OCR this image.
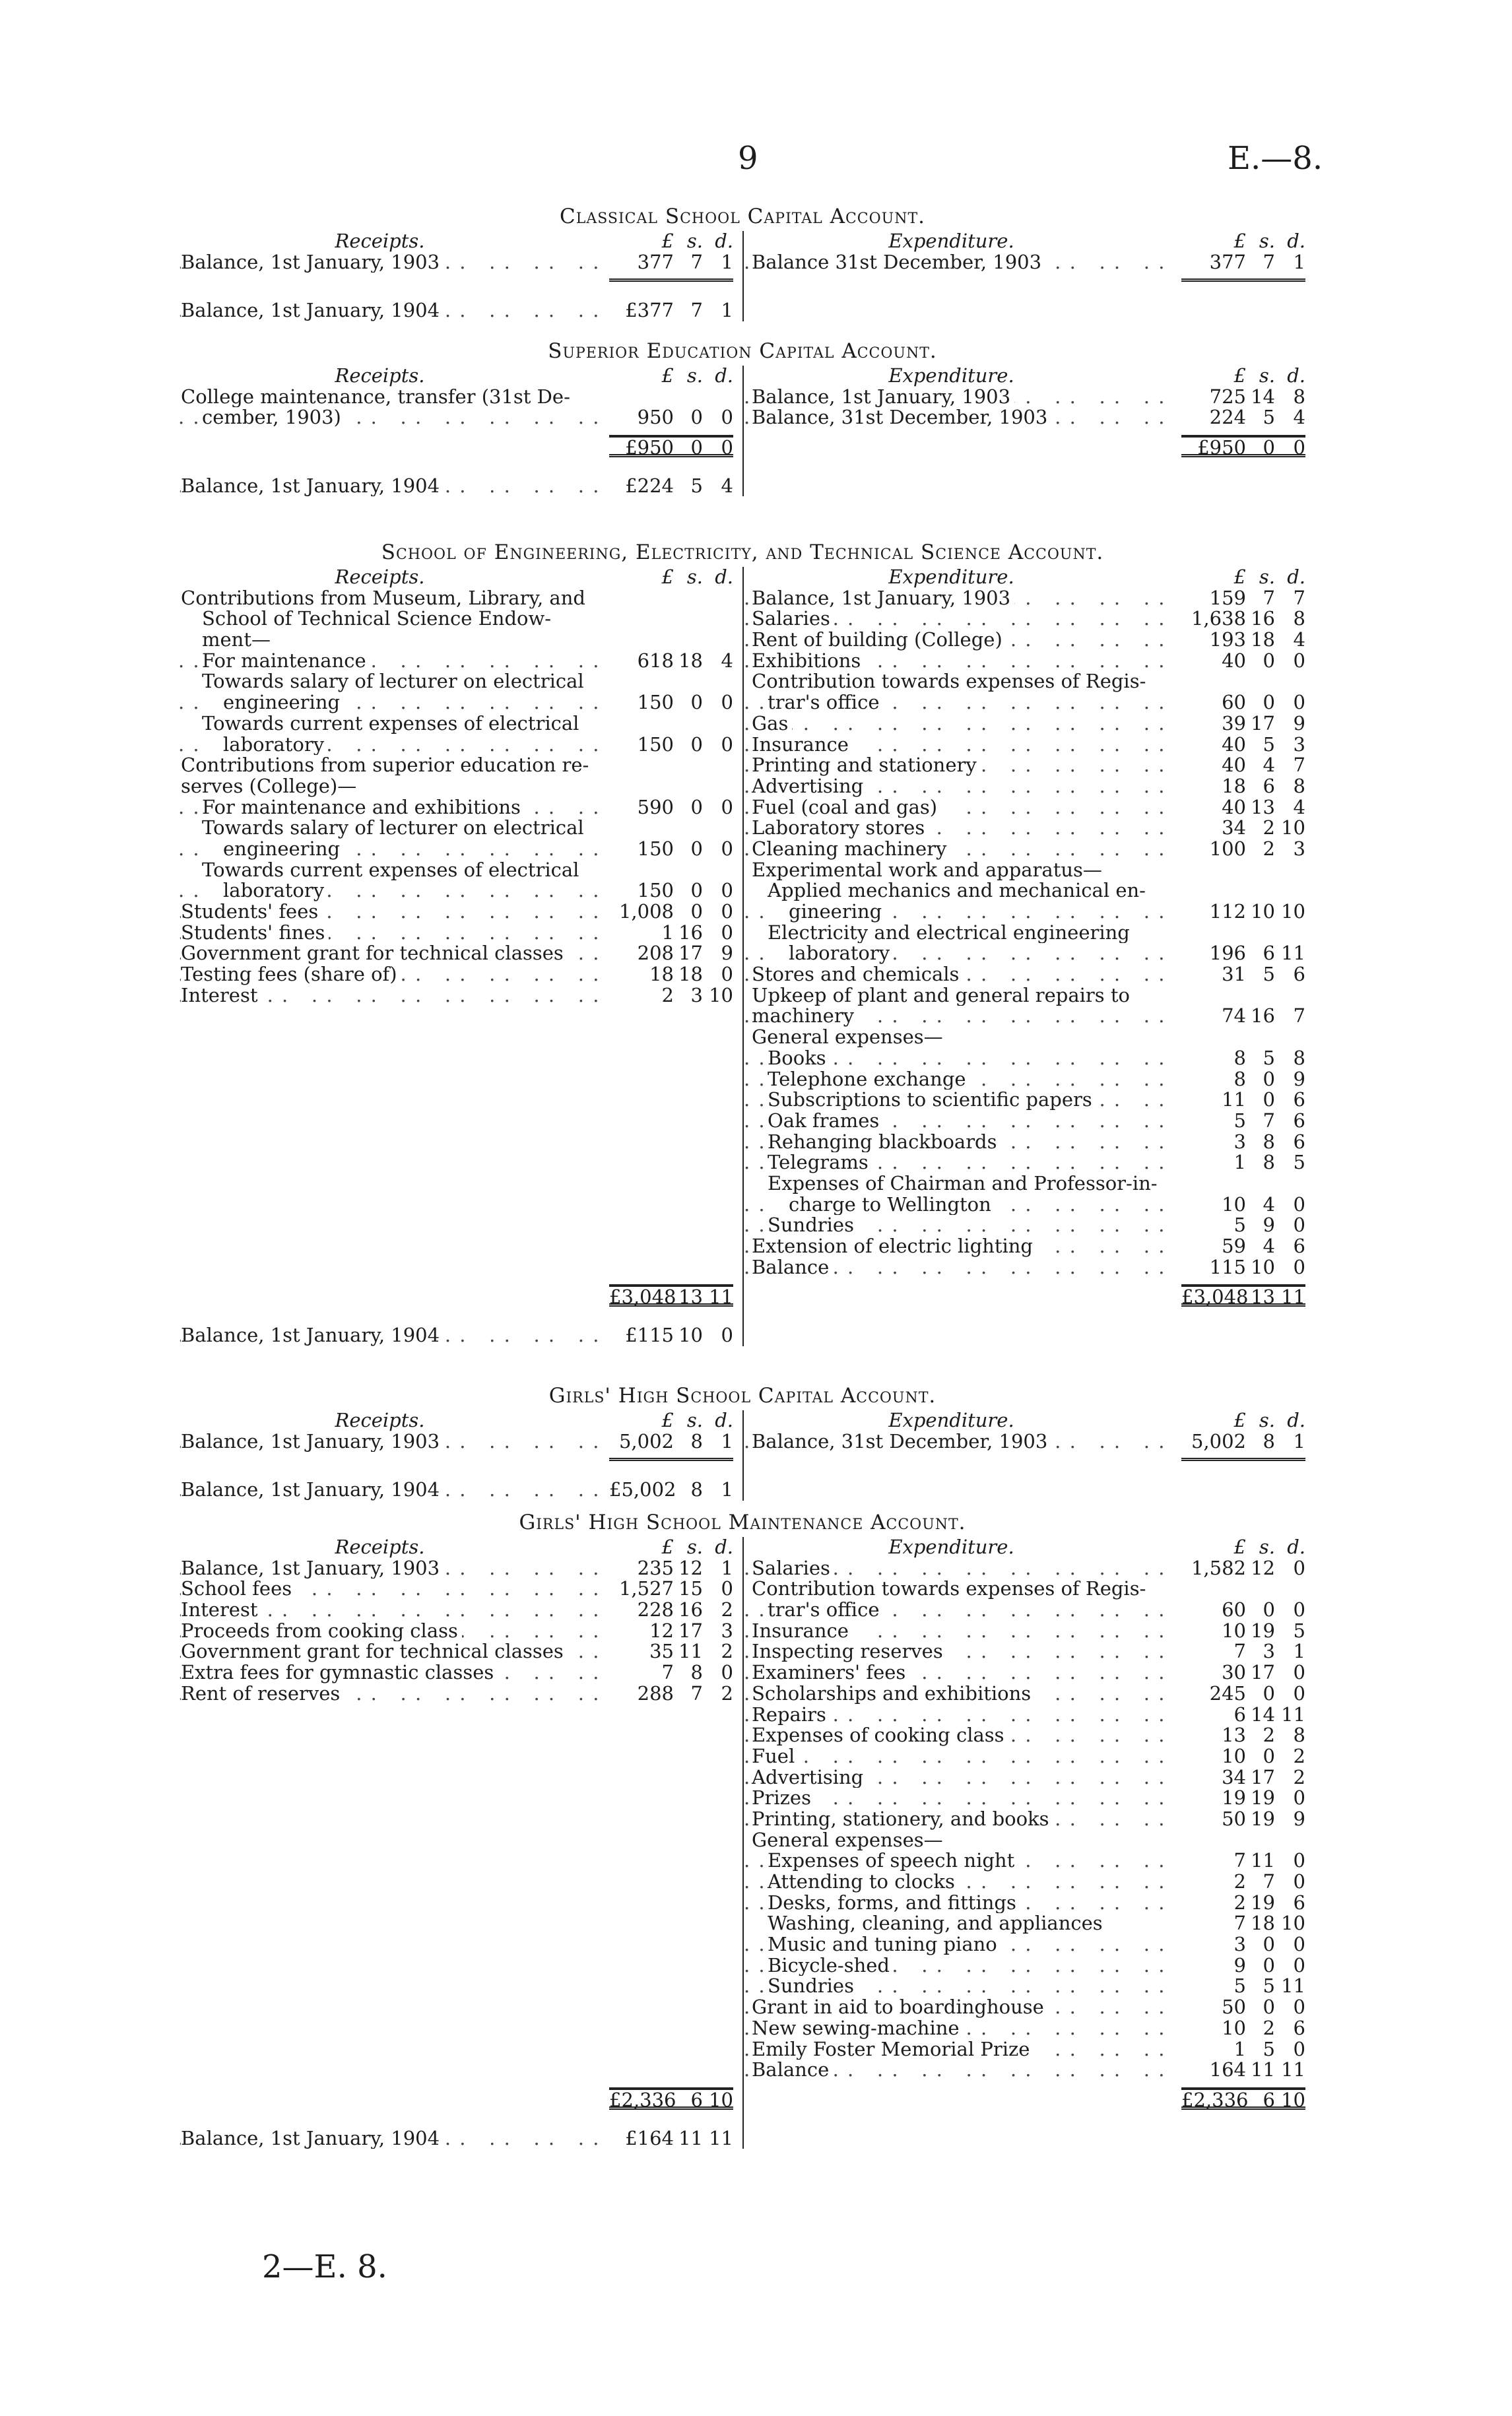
9	E.—8.
Classical School Capital Account.
Receipts.	£ s. d.
Balance, 1st January, 1903 . .	377 7 1
Balance, 1st January, 1904 . .	£377 7 1
Expenditure.	£ s. d.
Balance 31st December, 1903 . .	377 7 1
Superior Education Capital Account.
Receipts.	£ s. d.
College maintenance, transfer (31st De-
cember, 1903) . .	950 0 0
£950 0 0
Balance, 1st January, 1904 . .	£224 5 4
Expenditure.	£ s. d.
Balance, 1st January, 1903 . .	725 14 8
Balance, 31st December, 1903 . .	224 5 4
£950 0 0
School of Engineering, Electricity, and Technical Science Account.
Receipts.	£ s. d.
Contributions from Museum, Library, and
School of Technical Science Endow-
ment—
For maintenance . .	618 18 4
Towards salary of lecturer on electrical
engineering . .	150 0 0
Towards current expenses of electrical
laboratory . .	150 0 0
Contributions from superior education re-
serves (College)—
For maintenance and exhibitions . .	590 0 0
Towards salary of lecturer on electrical
engineering . .	150 0 0
Towards current expenses of electrical
laboratory . .	150 0 0
Students' fees . .	1,008 0 0
Students' fines . .	1 16 0
Government grant for technical classes . .	208 17 9
Testing fees (share of) . .	18 18 0
Interest . .	2 3 10
£3,048 13 11
Balance, 1st January, 1904 . .	£115 10 0
Expenditure.	£ s. d.
Balance, 1st January, 1903 . .	159 7 7
Salaries . .	1,638 16 8
Rent of building (College) . .	193 18 4
Exhibitions . .	40 0 0
Contribution towards expenses of Regis-
trar's office . .	60 0 0
Gas . .	39 17 9
Insurance . .	40 5 3
Printing and stationery . .	40 4 7
Advertising . .	18 6 8
Fuel (coal and gas) . .	40 13 4
Laboratory stores . .	34 2 10
Cleaning machinery . .	100 2 3
Experimental work and apparatus—
Applied mechanics and mechanical en-
gineering . .	112 10 10
Electricity and electrical engineering
laboratory . .	196 6 11
Stores and chemicals . .	31 5 6
Upkeep of plant and general repairs to
machinery . .	74 16 7
General expenses—
Books . .	8 5 8
Telephone exchange . .	8 0 9
Subscriptions to scientific papers . .	11 0 6
Oak frames . .	5 7 6
Rehanging blackboards . .	3 8 6
Telegrams . .	1 8 5
Expenses of Chairman and Professor-in-
charge to Wellington . .	10 4 0
Sundries . .	5 9 0
Extension of electric lighting . .	59 4 6
Balance . .	115 10 0
£3,048 13 11
Girls' High School Capital Account.
Receipts.	£ s. d.
Balance, 1st January, 1903 . .	5,002 8 1
Balance, 1st January, 1904 . .	£5,002 8 1
Expenditure.	£ s. d.
Balance, 31st December, 1903 . .	5,002 8 1
Girls' High School Maintenance Account.
Receipts.	£ s. d.
Balance, 1st January, 1903 . .	235 12 1
School fees . .	1,527 15 0
Interest . .	228 16 2
Proceeds from cooking class . .	12 17 3
Government grant for technical classes . .	35 11 2
Extra fees for gymnastic classes . .	7 8 0
Rent of reserves . .	288 7 2
£2,336 6 10
Balance, 1st January, 1904 . .	£164 11 11
Expenditure.	£ s. d.
Salaries . .	1,582 12 0
Contribution towards expenses of Regis-
trar's office . .	60 0 0
Insurance . .	10 19 5
Inspecting reserves . .	7 3 1
Examiners' fees . .	30 17 0
Scholarships and exhibitions . .	245 0 0
Repairs . .	6 14 11
Expenses of cooking class . .	13 2 8
Fuel . .	10 0 2
Advertising . .	34 17 2
Prizes . .	19 19 0
Printing, stationery, and books . .	50 19 9
General expenses—
Expenses of speech night . .	7 11 0
Attending to clocks . .	2 7 0
Desks, forms, and fittings . .	2 19 6
Washing, cleaning, and appliances	7 18 10
Music and tuning piano . .	3 0 0
Bicycle-shed . .	9 0 0
Sundries . .	5 5 11
Grant in aid to boardinghouse . .	50 0 0
New sewing-machine . .	10 2 6
Emily Foster Memorial Prize . .	1 5 0
Balance . .	164 11 11
£2,336 6 10
2—E. 8.
